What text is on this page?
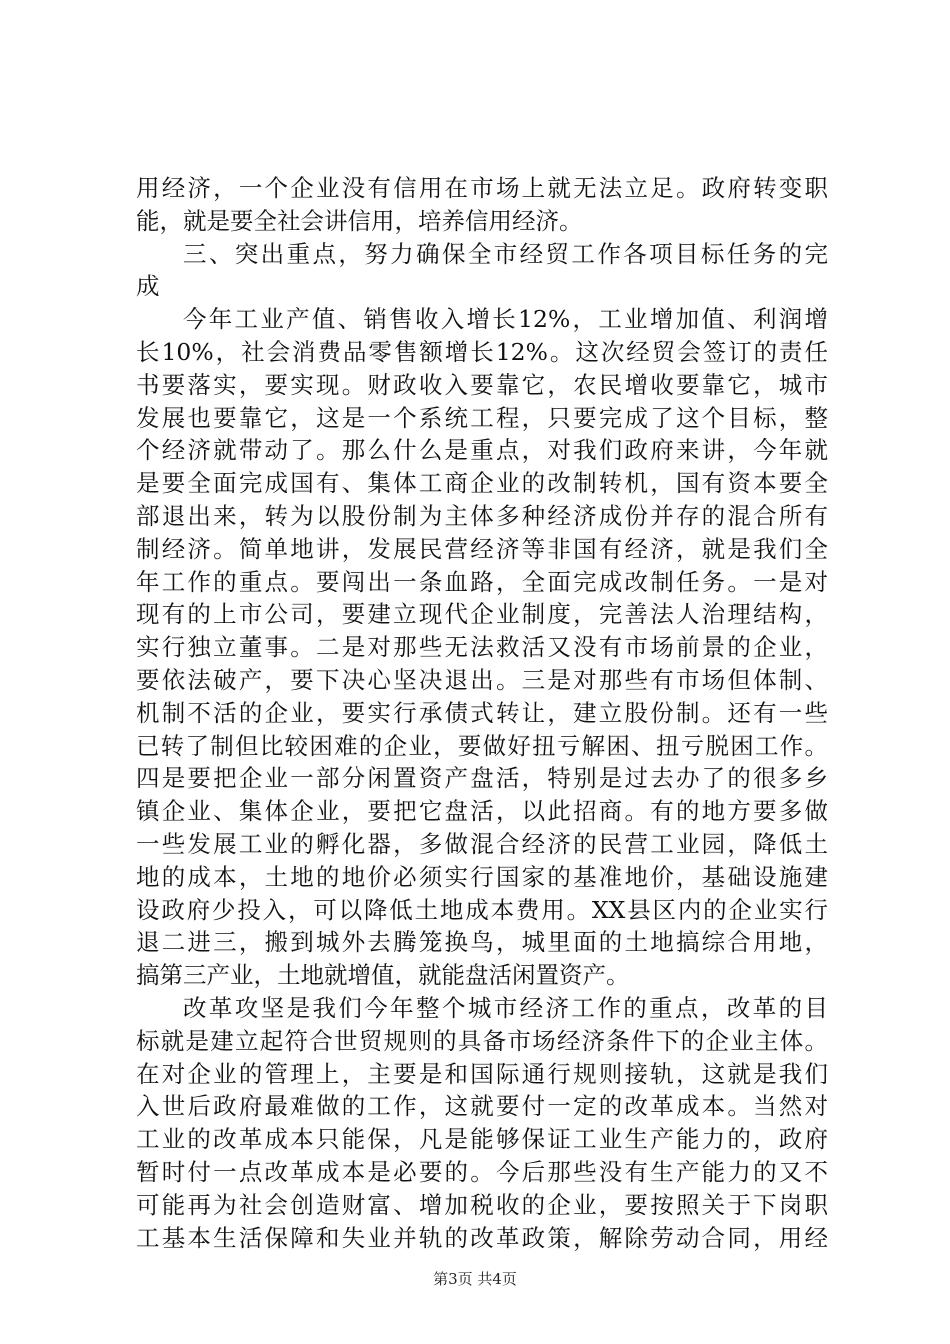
用经济，一个企业没有信用在市场上就无法立足。政府转变职
能，就是要全社会讲信用，培养信用经济。
三、突出重点，努力确保全市经贸工作各项目标任务的完
成
今年工业产值、销售收入增长12%，工业增加值、利润增
长10%，社会消费品零售额增长12%。这次经贸会签订的责任
书要落实，要实现。财政收入要靠它，农民增收要靠它，城市
发展也要靠它，这是一个系统工程，只要完成了这个目标，整
个经济就带动了。那么什么是重点，对我们政府来讲，今年就
是要全面完成国有、集体工商企业的改制转机，国有资本要全
部退出来，转为以股份制为主体多种经济成份并存的混合所有
制经济。简单地讲，发展民营经济等非国有经济，就是我们全
年工作的重点。要闯出一条血路，全面完成改制任务。一是对
现有的上市公司，要建立现代企业制度，完善法人治理结构，
实行独立董事。二是对那些无法救活又没有市场前景的企业，
要依法破产，要下决心坚决退出。三是对那些有市场但体制、
机制不活的企业，要实行承债式转让，建立股份制。还有一些
已转了制但比较困难的企业，要做好扭亏解困、扭亏脱困工作。
四是要把企业一部分闲置资产盘活，特别是过去办了的很多乡
镇企业、集体企业，要把它盘活，以此招商。有的地方要多做
一些发展工业的孵化器，多做混合经济的民营工业园，降低土
地的成本，土地的地价必须实行国家的基准地价，基础设施建
设政府少投入，可以降低土地成本费用。XX县区内的企业实行
退二进三，搬到城外去腾笼换鸟，城里面的土地搞综合用地，
搞第三产业，土地就增值，就能盘活闲置资产。
改革攻坚是我们今年整个城市经济工作的重点，改革的目
标就是建立起符合世贸规则的具备市场经济条件下的企业主体。
在对企业的管理上，主要是和国际通行规则接轨，这就是我们
入世后政府最难做的工作，这就要付一定的改革成本。当然对
工业的改革成本只能保，凡是能够保证工业生产能力的，政府
暂时付一点改革成本是必要的。今后那些没有生产能力的又不
可能再为社会创造财富、增加税收的企业，要按照关于下岗职
工基本生活保障和失业并轨的改革政策，解除劳动合同，用经
第3页 共4页
